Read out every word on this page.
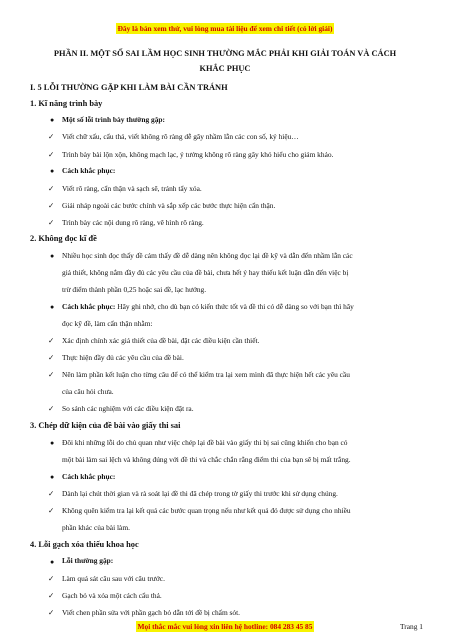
Đây là bản xem thử, vui lòng mua tài liệu để xem chi tiết (có lời giải)
PHẦN II. MỘT SỐ SAI LẦM HỌC SINH THƯỜNG MẮC PHẢI KHI GIẢI TOÁN VÀ CÁCH
KHẮC PHỤC
I. 5 LỖI THƯỜNG GẶP KHI LÀM BÀI CẦN TRÁNH
1. Kĩ năng trình bày
● Một số lỗi trình bày thường gặp:
✓ Viết chữ xấu, cẩu thả, viết không rõ ràng dễ gây nhầm lẫn các con số, ký hiệu…
✓ Trình bày bài lộn xộn, không mạch lạc, ý tưởng không rõ ràng gây khó hiểu cho giám khảo.
● Cách khắc phục:
✓ Viết rõ ràng, cẩn thận và sạch sẽ, tránh tẩy xóa.
✓ Giải nháp ngoài các bước chính và sắp xếp các bước thực hiện cẩn thận.
✓ Trình bày các nội dung rõ ràng, vẽ hình rõ ràng.
2. Không đọc kĩ đề
● Nhiều học sinh đọc thấy đề cảm thấy đề dễ dàng nên không đọc lại đề kỹ và dẫn đến nhầm lẫn các
giả thiết, không nắm đầy đủ các yêu cầu của đề bài, chưa hết ý hay thiếu kết luận dẫn đến việc bị
trừ điểm thành phần 0,25 hoặc sai đề, lạc hướng.
● Cách khắc phục: Hãy ghi nhớ, cho dù bạn có kiến thức tốt và đề thi có dễ dàng so với bạn thì hãy
đọc kỹ đề, làm cẩn thận nhằm:
✓ Xác định chính xác giả thiết của đề bài, đặt các điều kiện cần thiết.
✓ Thực hiện đầy đủ các yêu cầu của đề bài.
✓ Nên làm phần kết luận cho từng câu để có thể kiểm tra lại xem mình đã thực hiện hết các yêu cầu
của câu hỏi chưa.
✓ So sánh các nghiệm với các điều kiện đặt ra.
3. Chép dữ kiện của đề bài vào giấy thi sai
● Đôi khi những lỗi do chủ quan như việc chép lại đề bài vào giấy thi bị sai cũng khiến cho bạn có
một bài làm sai lệch và không đúng với đề thi và chắc chắn rằng điểm thi của bạn sẽ bị mất trắng.
● Cách khắc phục:
✓ Dành lại chút thời gian và rà soát lại đề thi đã chép trong tờ giấy thi trước khi sử dụng chúng.
✓ Không quên kiểm tra lại kết quả các bước quan trọng nếu như kết quả đó được sử dụng cho nhiều
phần khác của bài làm.
4. Lỗi gạch xóa thiếu khoa học
● Lỗi thường gặp:
✓ Làm quá sát câu sau với câu trước.
✓ Gạch bỏ và xóa một cách cẩu thả.
✓ Viết chen phần sửa với phần gạch bỏ dẫn tới đề bị chấm sót.
Mọi thắc mắc vui lòng xin liên hệ hotline: 084 283 45 85	Trang 1
